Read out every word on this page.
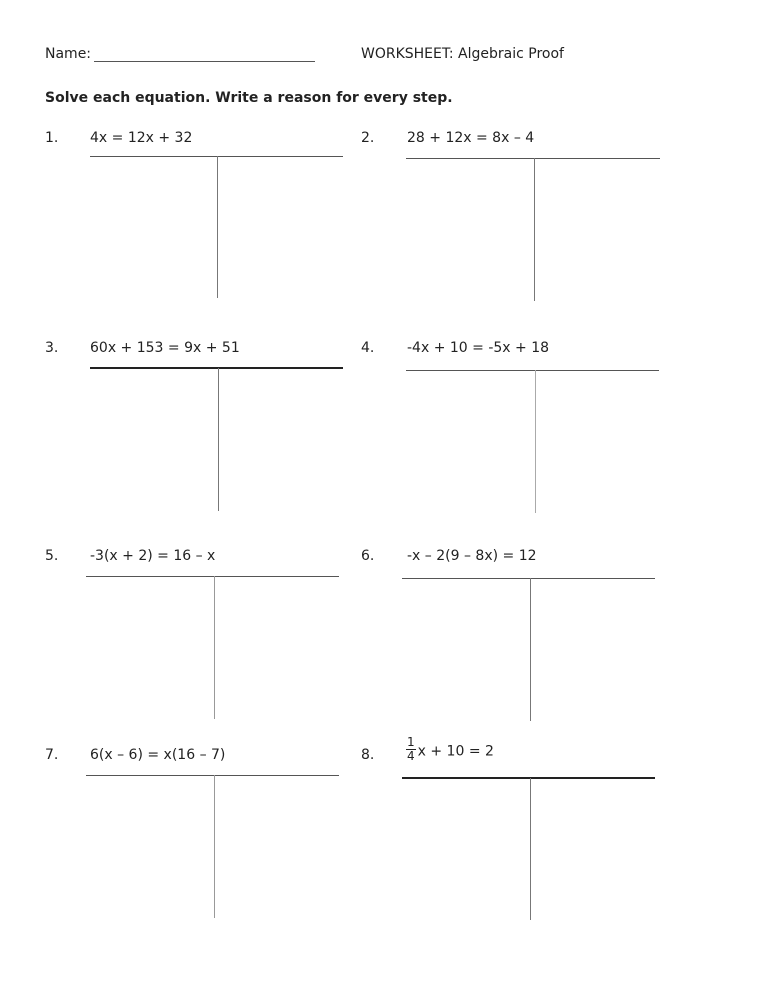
Name:	WORKSHEET: Algebraic Proof
Solve each equation. Write a reason for every step.
1. 4x = 12x + 32	2. 28 + 12x = 8x – 4
3. 60x + 153 = 9x + 51	4. -4x + 10 = -5x + 18
5. -3(x + 2) = 16 – x	6. -x – 2(9 – 8x) = 12
7. 6(x – 6) = x(16 – 7)	8.	$\frac{1}{4}$ x + 10 = 2
